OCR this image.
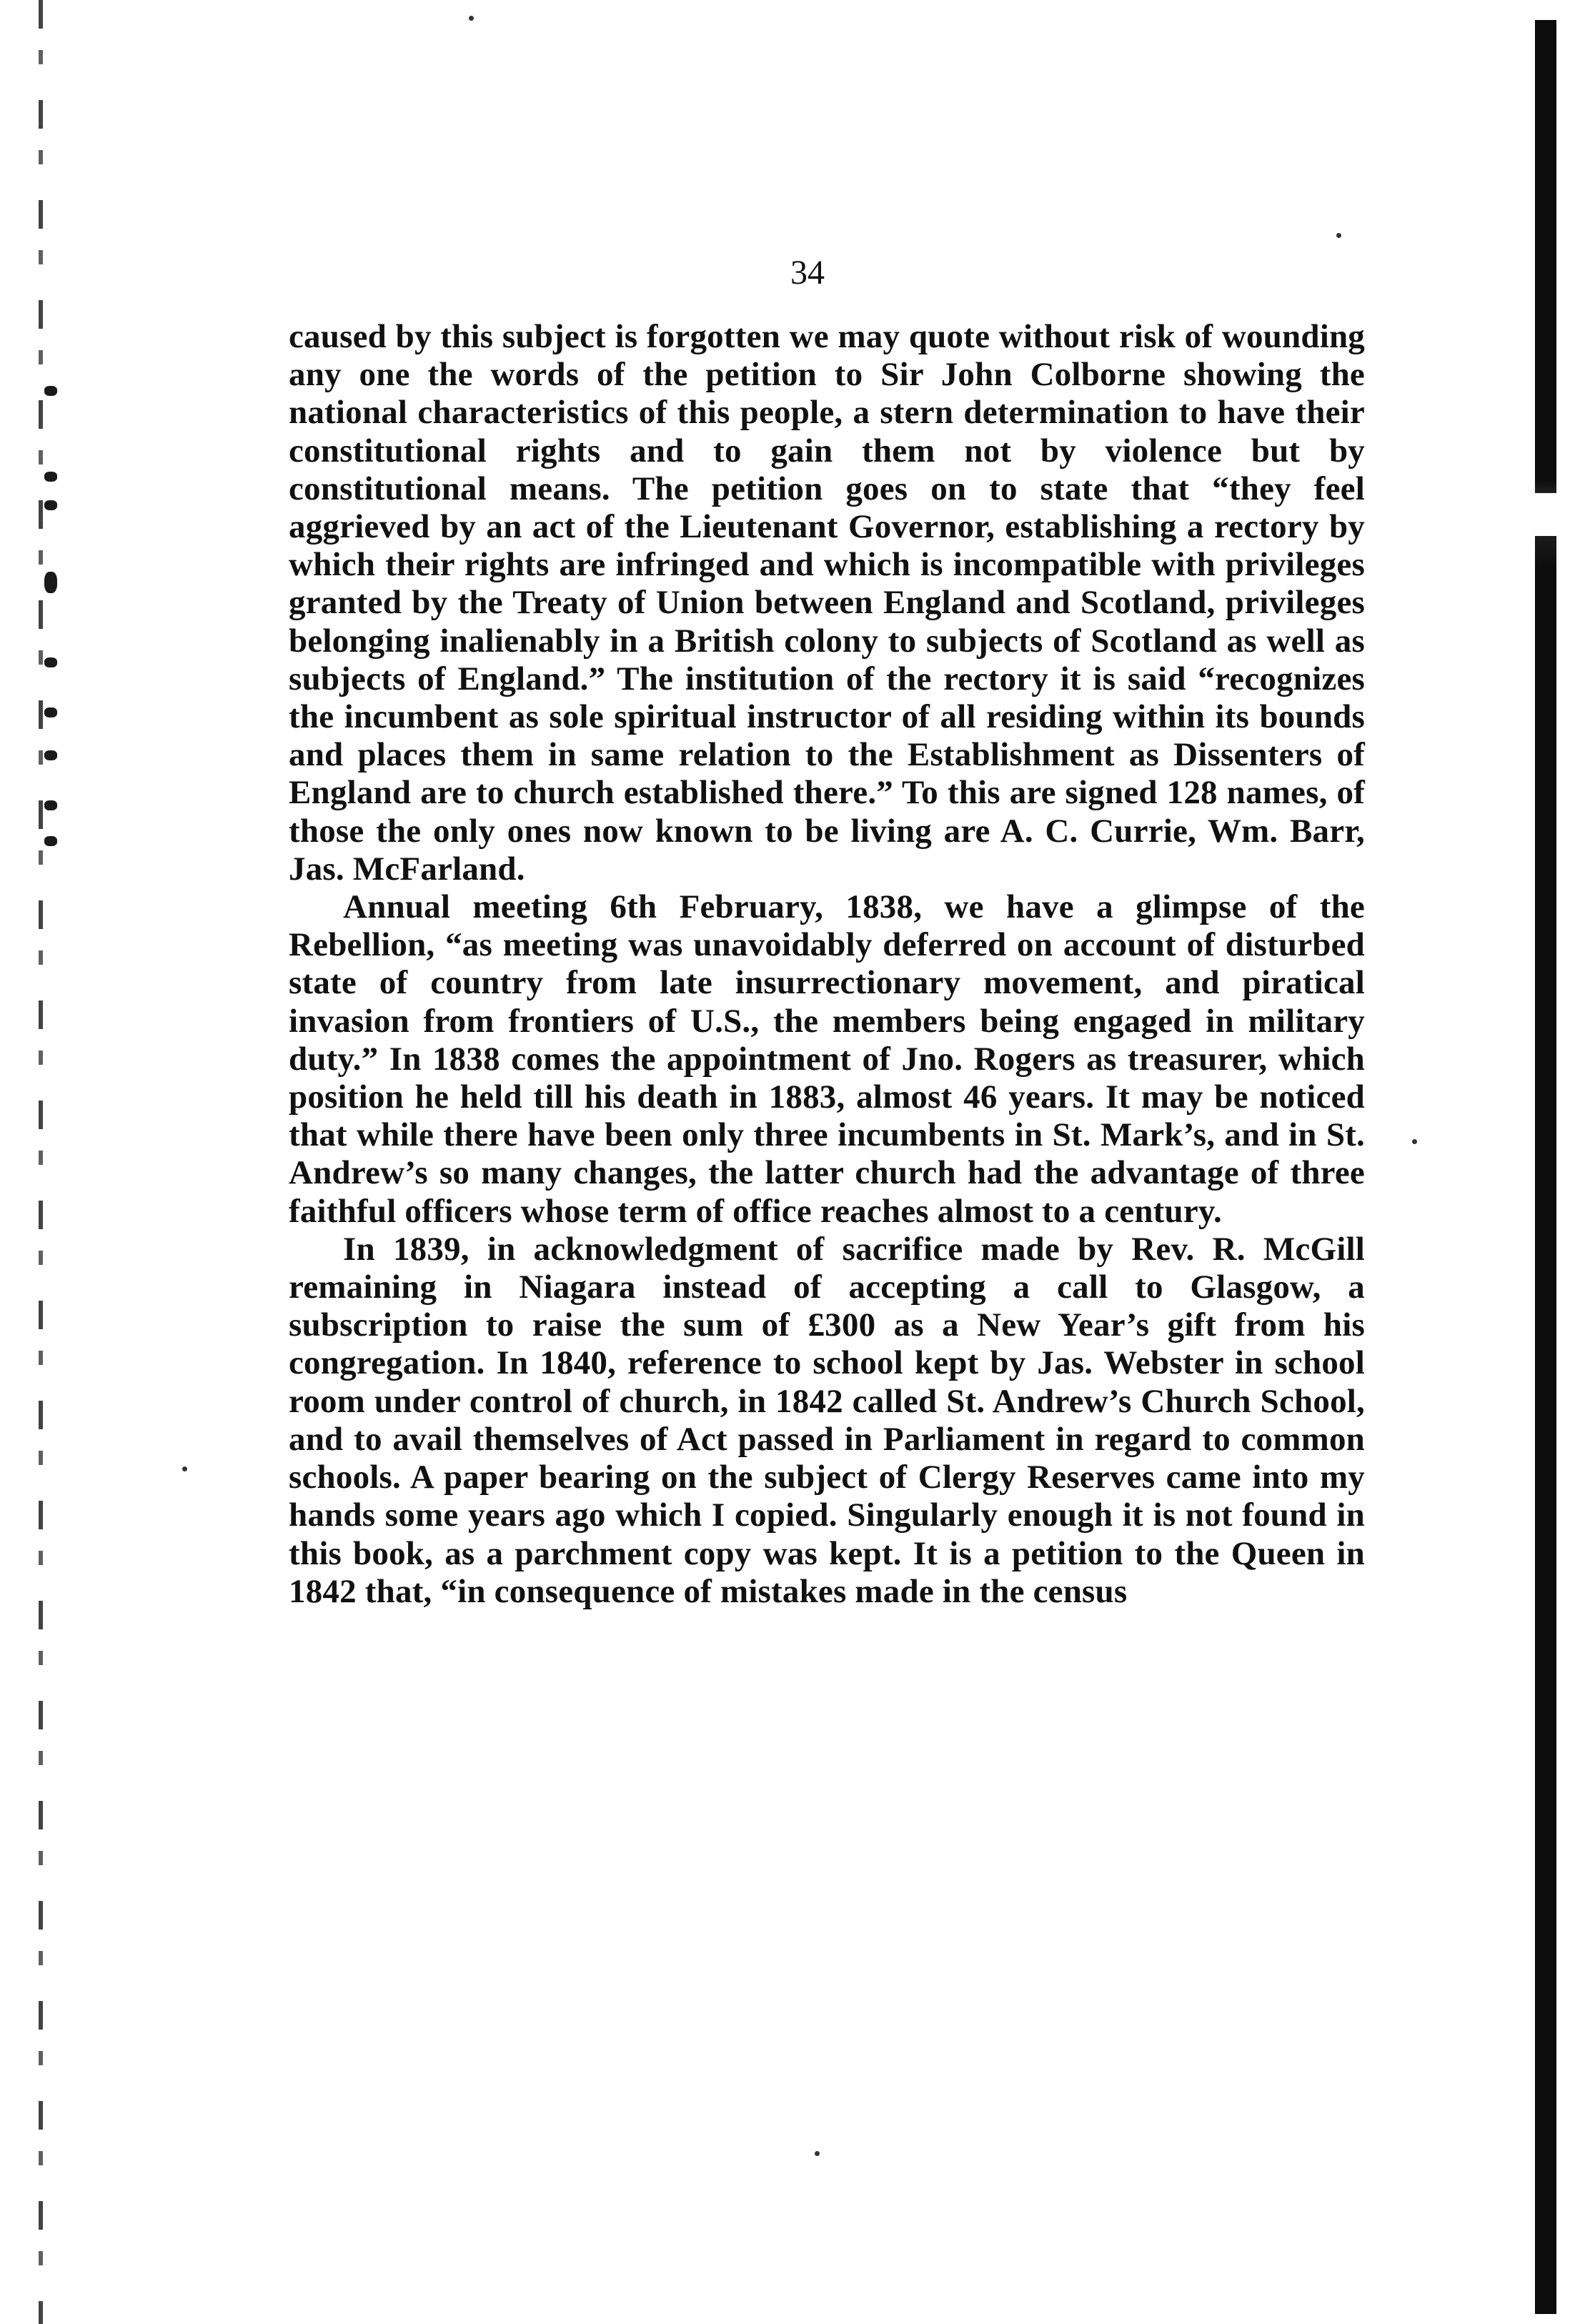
34

caused by this subject is forgotten we may quote without risk of wounding any one the words of the petition to Sir John Colborne showing the national characteristics of this people, a stern determination to have their constitutional rights and to gain them not by violence but by constitutional means. The petition goes on to state that “they feel aggrieved by an act of the Lieutenant Governor, establishing a rectory by which their rights are infringed and which is incompatible with privileges granted by the Treaty of Union between England and Scotland, privileges belonging inalienably in a British colony to subjects of Scotland as well as subjects of England.” The institution of the rectory it is said “recognizes the incumbent as sole spiritual instructor of all residing within its bounds and places them in same relation to the Establishment as Dissenters of England are to church established there.” To this are signed 128 names, of those the only ones now known to be living are A. C. Currie, Wm. Barr, Jas. McFarland.

Annual meeting 6th February, 1838, we have a glimpse of the Rebellion, “as meeting was unavoidably deferred on account of disturbed state of country from late insurrectionary movement, and piratical invasion from frontiers of U.S., the members being engaged in military duty.” In 1838 comes the appointment of Jno. Rogers as treasurer, which position he held till his death in 1883, almost 46 years. It may be noticed that while there have been only three incumbents in St. Mark’s, and in St. Andrew’s so many changes, the latter church had the advantage of three faithful officers whose term of office reaches almost to a century.

In 1839, in acknowledgment of sacrifice made by Rev. R. McGill remaining in Niagara instead of accepting a call to Glasgow, a subscription to raise the sum of £300 as a New Year’s gift from his congregation. In 1840, reference to school kept by Jas. Webster in school room under control of church, in 1842 called St. Andrew’s Church School, and to avail themselves of Act passed in Parliament in regard to common schools. A paper bearing on the subject of Clergy Reserves came into my hands some years ago which I copied. Singularly enough it is not found in this book, as a parchment copy was kept. It is a petition to the Queen in 1842 that, “in consequence of mistakes made in the census
